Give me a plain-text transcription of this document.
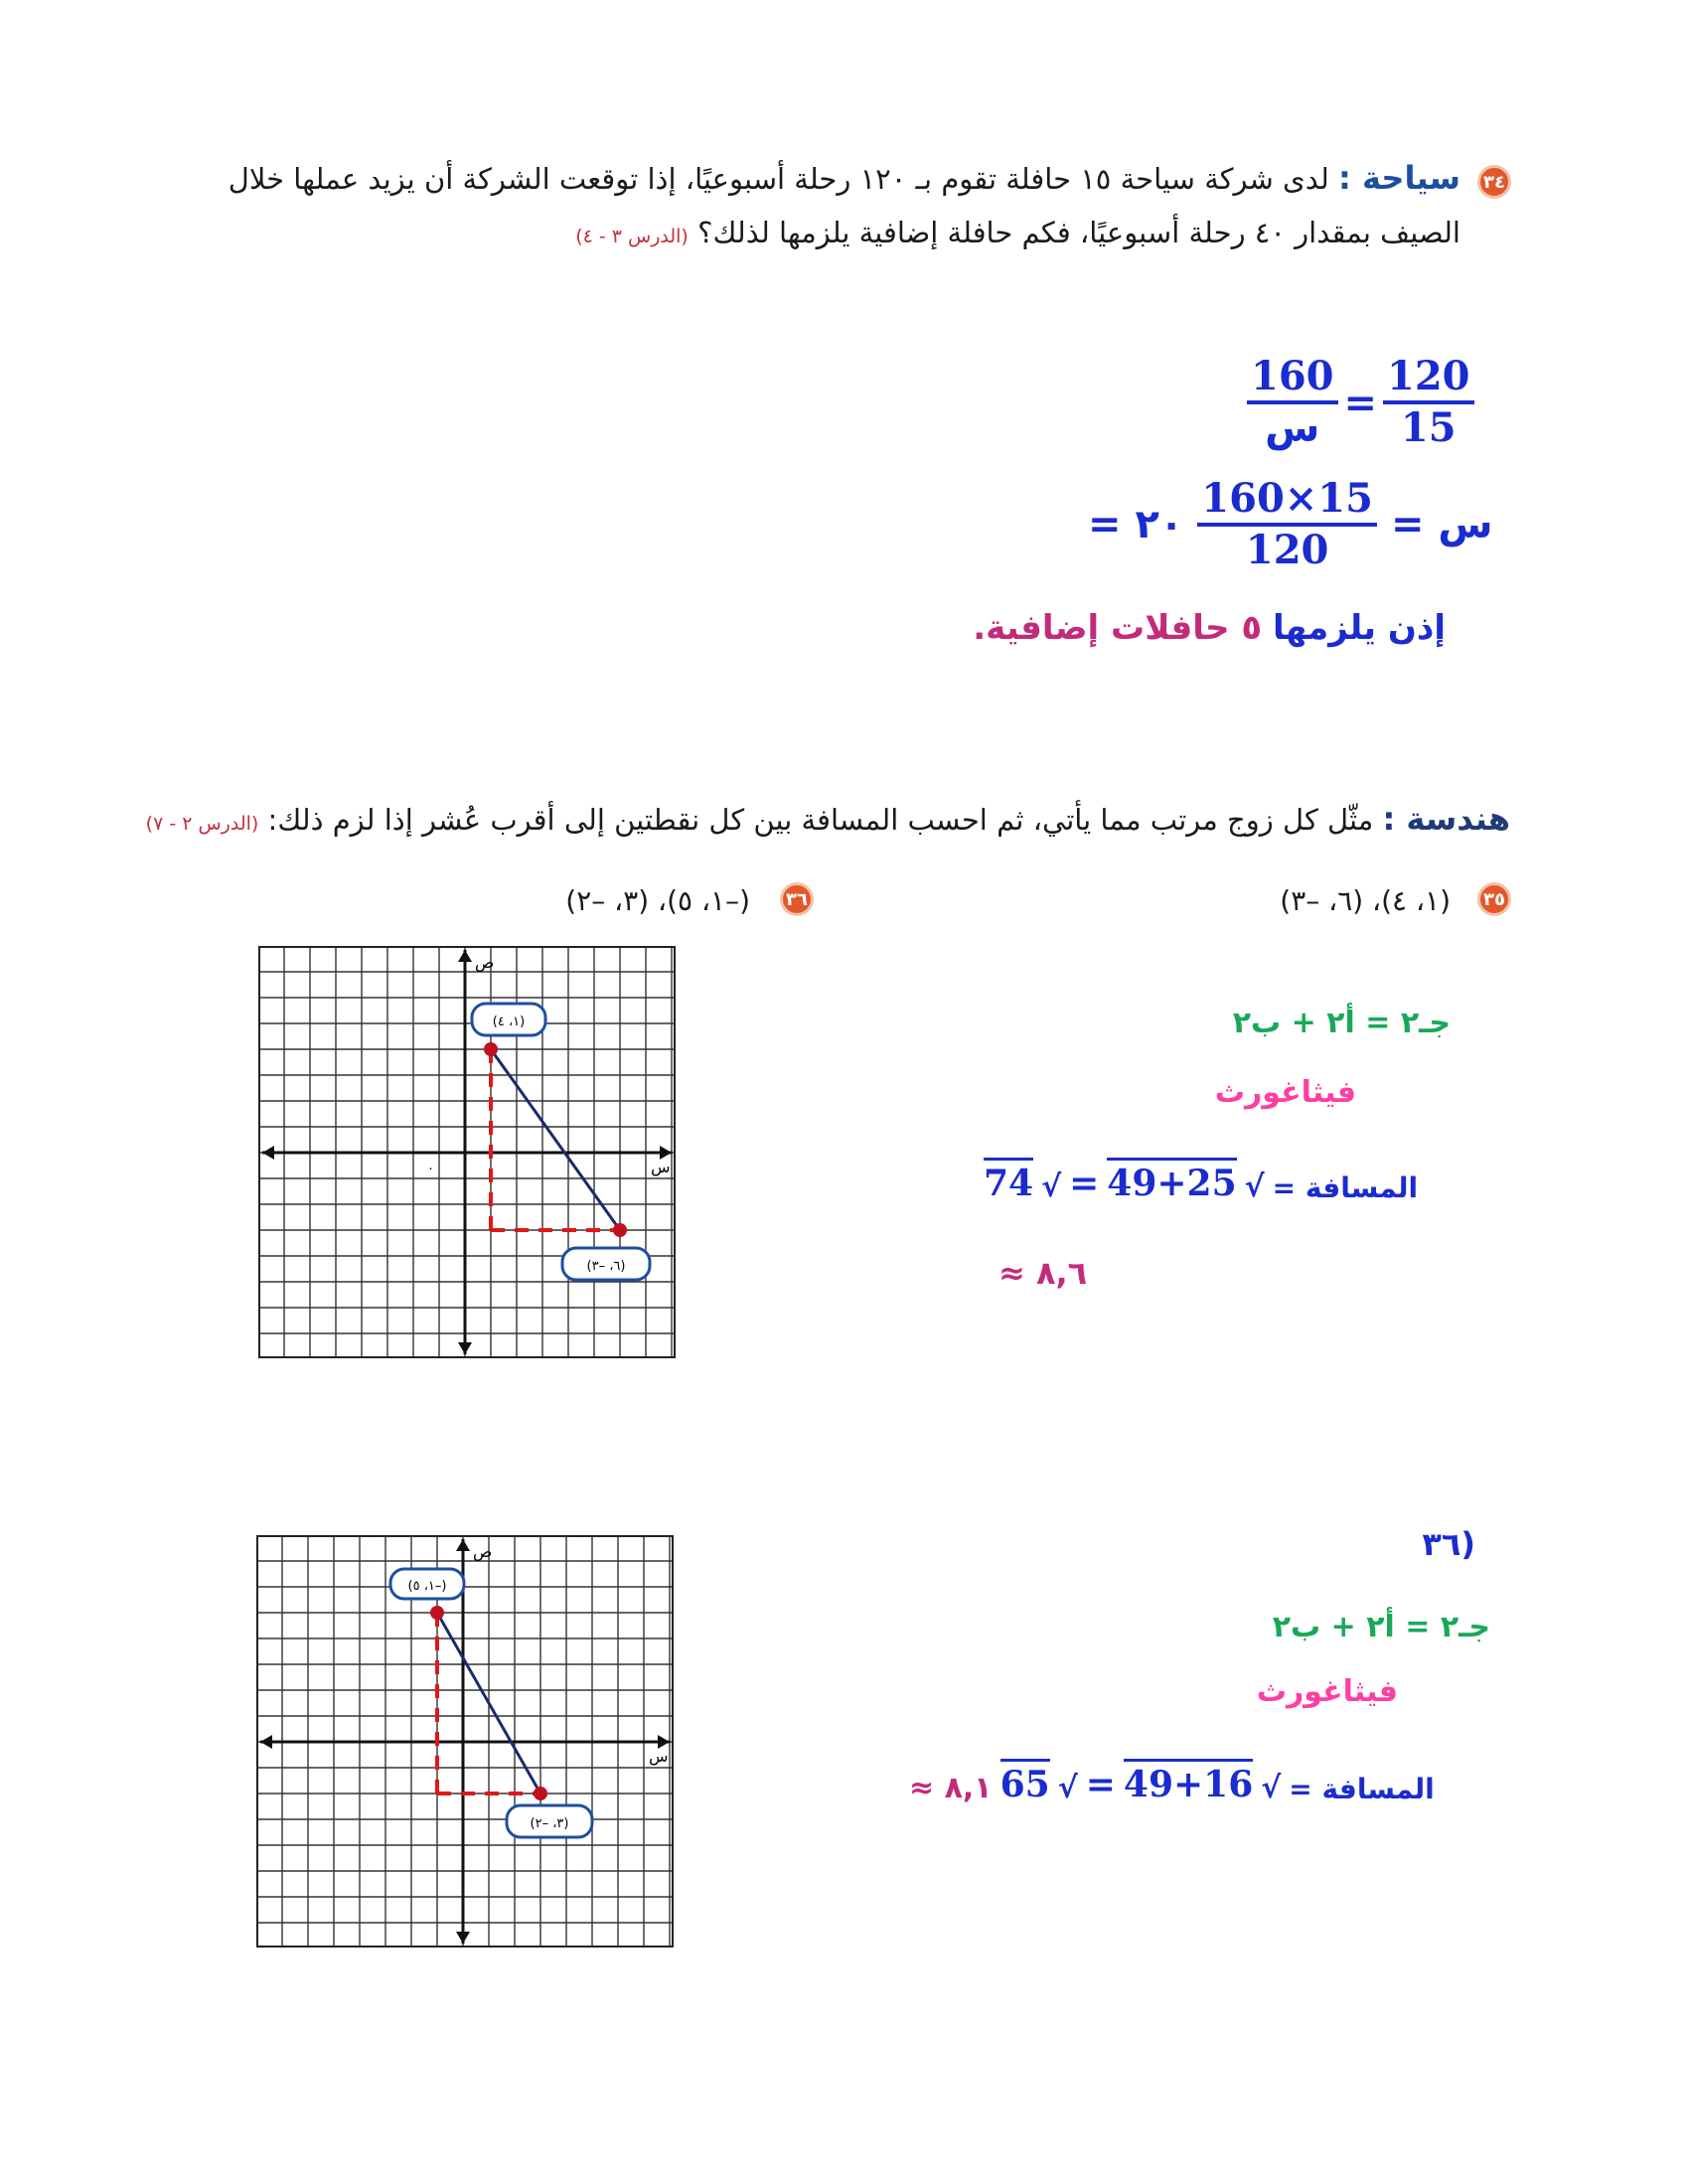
٣٤
سياحة : لدى شركة سياحة ١٥ حافلة تقوم بـ ١٢٠ رحلة أسبوعيًا، إذا توقعت الشركة أن يزيد عملها خلال
الصيف بمقدار ٤٠ رحلة أسبوعيًا، فكم حافلة إضافية يلزمها لذلك؟ (الدرس ٣ - ٤)
$\frac{160}{\text{س}} = \frac{120}{15}$
= ٢٠ $\frac{160\times 15}{120}$ س =
إذن يلزمها ٥ حافلات إضافية.
هندسة : مثّل كل زوج مرتب مما يأتي، ثم احسب المسافة بين كل نقطتين إلى أقرب عُشر إذا لزم ذلك: (الدرس ٢ - ٧)
٣٥
(١، ٤)، (٦، –٣)
٣٦
(–١، ٥)، (٣، –٢)
ص
س
٠
(١، ٤)
(٦، –٣)
جـ٢ = أ٢ + ب٢
فيثاغورث
74 √ = 49+25 √ المسافة =
≈ ٨,٦
ص
س
(–١، ٥)
(٣، –٢)
(٣٦
جـ٢ = أ٢ + ب٢
فيثاغورث
≈ ٨,١ 65 √ = 49+16 √ المسافة =
